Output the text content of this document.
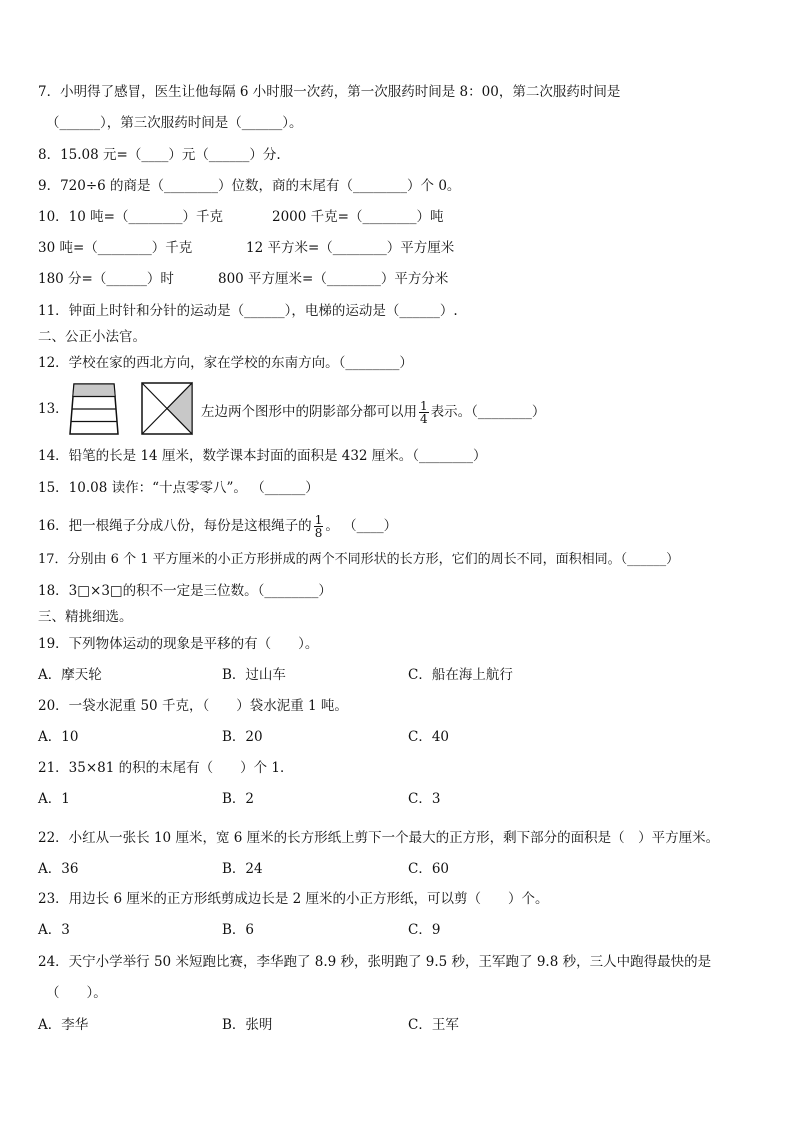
7．小明得了感冒，医生让他每隔 6 小时服一次药，第一次服药时间是 8：00，第二次服药时间是
（______），第三次服药时间是（______）。
8．15.08 元=（____）元（______）分.
9．720÷6 的商是（________）位数，商的末尾有（________）个 0。
10．10 吨=（________）千克	2000 千克=（________）吨
30 吨=（________）千克	12 平方米=（________）平方厘米
180 分=（______）时	800 平方厘米=（________）平方分米
11．钟面上时针和分针的运动是（______），电梯的运动是（______）.
二、公正小法官。
12．学校在家的西北方向，家在学校的东南方向。（________）
13．	左边两个图形中的阴影部分都可以用 $\frac{1}{4}$ 表示。（________）
14．铅笔的长是 14 厘米，数学课本封面的面积是 432 厘米。（________）
15．10.08 读作：“十点零零八”。 （______）
16．把一根绳子分成八份，每份是这根绳子的 $\frac{1}{8}$ 。 （____）
17．分别由 6 个 1 平方厘米的小正方形拼成的两个不同形状的长方形，它们的周长不同，面积相同。（______）
18．3□×3□的积不一定是三位数。（________）
三、精挑细选。
19．下列物体运动的现象是平移的有（　　）。
A．摩天轮	B．过山车	C．船在海上航行
20．一袋水泥重 50 千克，（　　）袋水泥重 1 吨。
A．10	B．20	C．40
21．35×81 的积的末尾有（　　）个 1．
A．1	B．2	C．3
22．小红从一张长 10 厘米，宽 6 厘米的长方形纸上剪下一个最大的正方形，剩下部分的面积是（　）平方厘米。
A．36	B．24	C．60
23．用边长 6 厘米的正方形纸剪成边长是 2 厘米的小正方形纸，可以剪（　　）个。
A．3	B．6	C．9
24．天宁小学举行 50 米短跑比赛，李华跑了 8.9 秒，张明跑了 9.5 秒，王军跑了 9.8 秒，三人中跑得最快的是
（　　）。
A．李华	B．张明	C．王军
